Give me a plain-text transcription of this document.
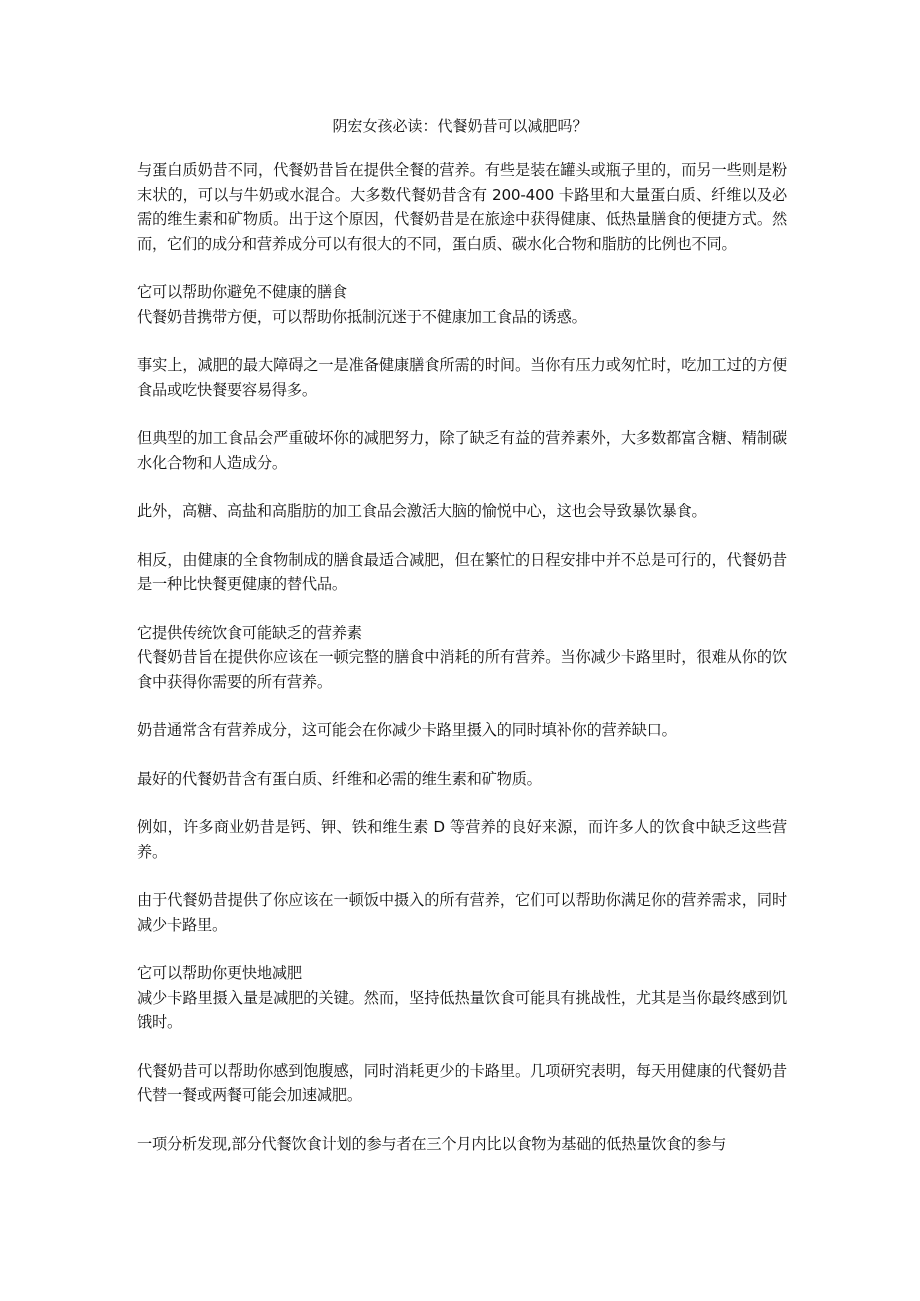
阴宏女孩必读：代餐奶昔可以减肥吗？

与蛋白质奶昔不同，代餐奶昔旨在提供全餐的营养。有些是装在罐头或瓶子里的，而另一些则是粉末状的，可以与牛奶或水混合。大多数代餐奶昔含有 200-400 卡路里和大量蛋白质、纤维以及必需的维生素和矿物质。出于这个原因，代餐奶昔是在旅途中获得健康、低热量膳食的便捷方式。然而，它们的成分和营养成分可以有很大的不同，蛋白质、碳水化合物和脂肪的比例也不同。

它可以帮助你避免不健康的膳食

代餐奶昔携带方便，可以帮助你抵制沉迷于不健康加工食品的诱惑。

事实上，减肥的最大障碍之一是准备健康膳食所需的时间。当你有压力或匆忙时，吃加工过的方便食品或吃快餐要容易得多。

但典型的加工食品会严重破坏你的减肥努力，除了缺乏有益的营养素外，大多数都富含糖、精制碳水化合物和人造成分。

此外，高糖、高盐和高脂肪的加工食品会激活大脑的愉悦中心，这也会导致暴饮暴食。

相反，由健康的全食物制成的膳食最适合减肥，但在繁忙的日程安排中并不总是可行的，代餐奶昔是一种比快餐更健康的替代品。

它提供传统饮食可能缺乏的营养素

代餐奶昔旨在提供你应该在一顿完整的膳食中消耗的所有营养。当你减少卡路里时，很难从你的饮食中获得你需要的所有营养。

奶昔通常含有营养成分，这可能会在你减少卡路里摄入的同时填补你的营养缺口。

最好的代餐奶昔含有蛋白质、纤维和必需的维生素和矿物质。

例如，许多商业奶昔是钙、钾、铁和维生素 D 等营养的良好来源，而许多人的饮食中缺乏这些营养。

由于代餐奶昔提供了你应该在一顿饭中摄入的所有营养，它们可以帮助你满足你的营养需求，同时减少卡路里。

它可以帮助你更快地减肥

减少卡路里摄入量是减肥的关键。然而，坚持低热量饮食可能具有挑战性，尤其是当你最终感到饥饿时。

代餐奶昔可以帮助你感到饱腹感，同时消耗更少的卡路里。几项研究表明，每天用健康的代餐奶昔代替一餐或两餐可能会加速减肥。

一项分析发现,部分代餐饮食计划的参与者在三个月内比以食物为基础的低热量饮食的参与
